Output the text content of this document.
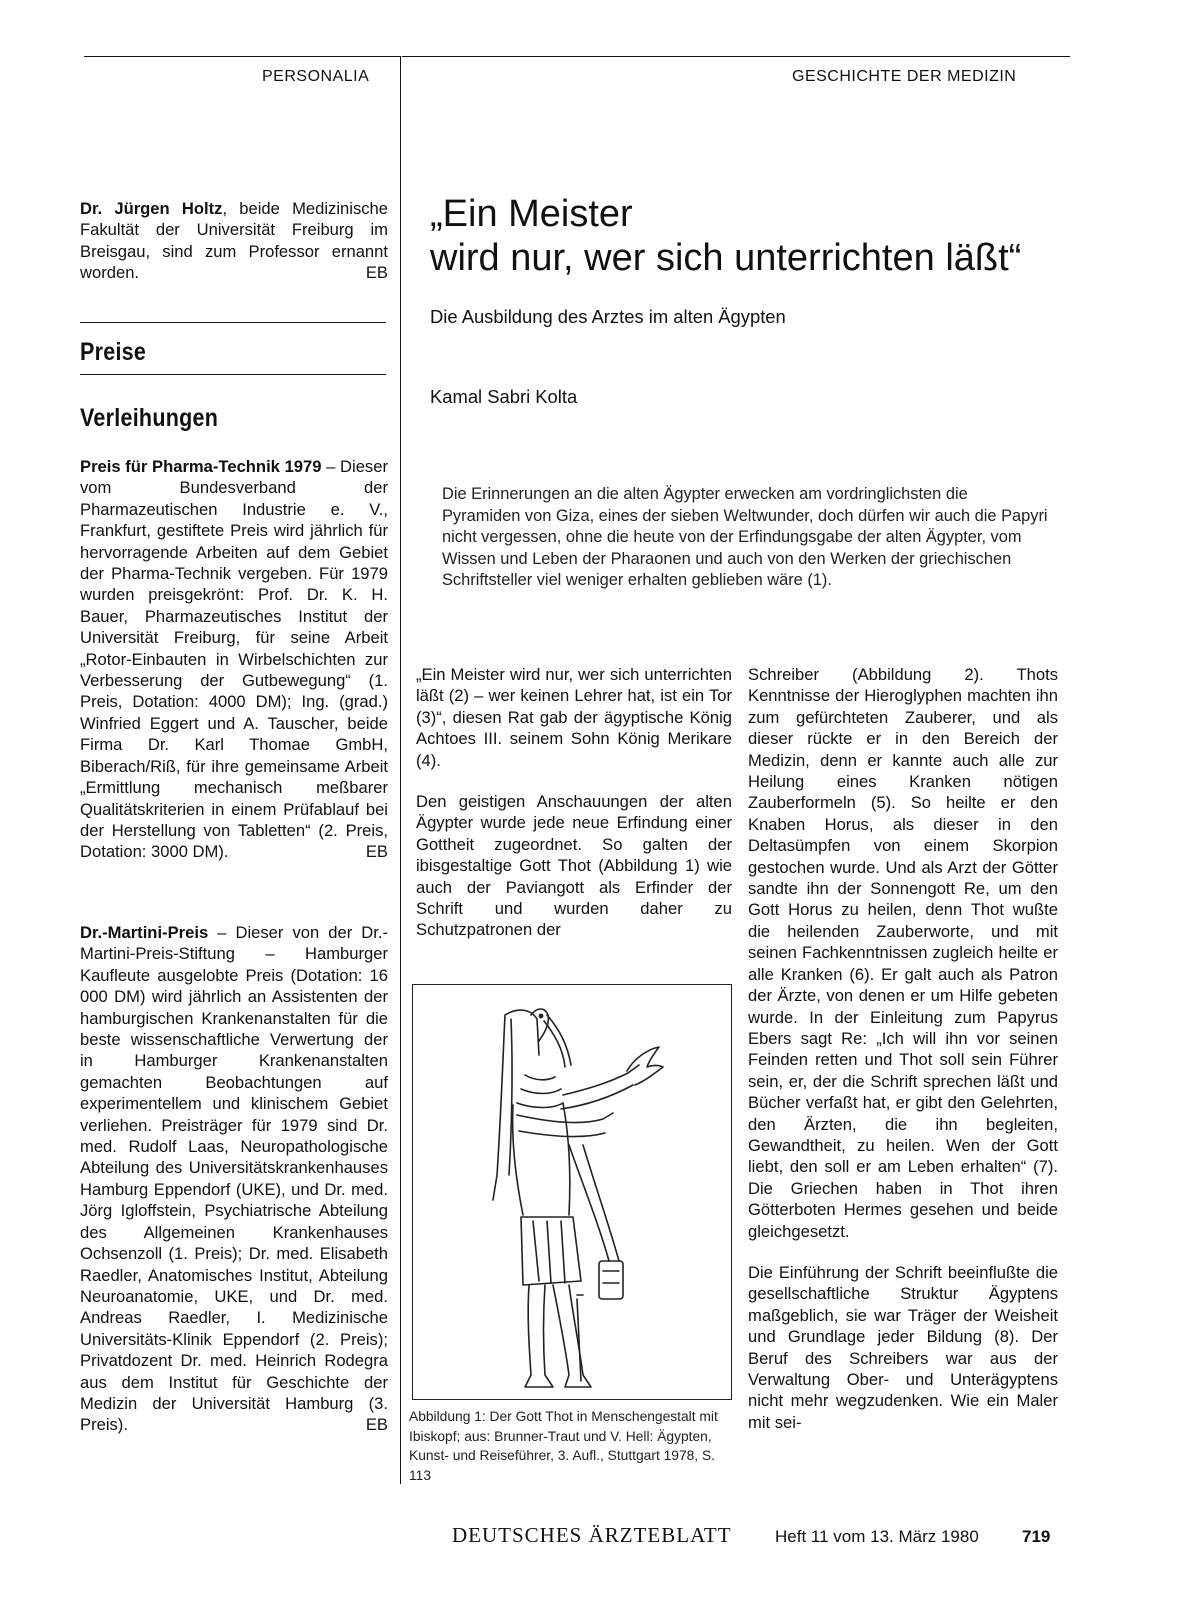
PERSONALIA	GESCHICHTE DER MEDIZIN

Dr. Jürgen Holtz, beide Medizinische Fakultät der Universität Freiburg im Breisgau, sind zum Professor ernannt worden.	EB

Preise
Verleihungen

Preis für Pharma-Technik 1979 – Dieser vom Bundesverband der Pharmazeutischen Industrie e. V., Frankfurt, gestiftete Preis wird jährlich für hervorragende Arbeiten auf dem Gebiet der Pharma-Technik vergeben. Für 1979 wurden preisgekrönt: Prof. Dr. K. H. Bauer, Pharmazeutisches Institut der Universität Freiburg, für seine Arbeit „Rotor-Einbauten in Wirbelschichten zur Verbesserung der Gutbewegung“ (1. Preis, Dotation: 4000 DM); Ing. (grad.) Winfried Eggert und A. Tauscher, beide Firma Dr. Karl Thomae GmbH, Biberach/Riß, für ihre gemeinsame Arbeit „Ermittlung mechanisch meßbarer Qualitätskriterien in einem Prüfablauf bei der Herstellung von Tabletten“ (2. Preis, Dotation: 3000 DM).	EB

Dr.-Martini-Preis – Dieser von der Dr.-Martini-Preis-Stiftung – Hamburger Kaufleute ausgelobte Preis (Dotation: 16 000 DM) wird jährlich an Assistenten der hamburgischen Krankenanstalten für die beste wissenschaftliche Verwertung der in Hamburger Krankenanstalten gemachten Beobachtungen auf experimentellem und klinischem Gebiet verliehen. Preisträger für 1979 sind Dr. med. Rudolf Laas, Neuropathologische Abteilung des Universitätskrankenhauses Hamburg Eppendorf (UKE), und Dr. med. Jörg Igloffstein, Psychiatrische Abteilung des Allgemeinen Krankenhauses Ochsenzoll (1. Preis); Dr. med. Elisabeth Raedler, Anatomisches Institut, Abteilung Neuroanatomie, UKE, und Dr. med. Andreas Raedler, I. Medizinische Universitäts-Klinik Eppendorf (2. Preis); Privatdozent Dr. med. Heinrich Rodegra aus dem Institut für Geschichte der Medizin der Universität Hamburg (3. Preis).	EB

„Ein Meister
wird nur, wer sich unterrichten läßt“
Die Ausbildung des Arztes im alten Ägypten
Kamal Sabri Kolta
Die Erinnerungen an die alten Ägypter erwecken am vordringlichsten die Pyramiden von Giza, eines der sieben Weltwunder, doch dürfen wir auch die Papyri nicht vergessen, ohne die heute von der Erfindungsgabe der alten Ägypter, vom Wissen und Leben der Pharaonen und auch von den Werken der griechischen Schriftsteller viel weniger erhalten geblieben wäre (1).

„Ein Meister wird nur, wer sich unterrichten läßt (2) – wer keinen Lehrer hat, ist ein Tor (3)“, diesen Rat gab der ägyptische König Achtoes III. seinem Sohn König Merikare (4).

Den geistigen Anschauungen der alten Ägypter wurde jede neue Erfindung einer Gottheit zugeordnet. So galten der ibisgestaltige Gott Thot (Abbildung 1) wie auch der Paviangott als Erfinder der Schrift und wurden daher zu Schutzpatronen der

Schreiber (Abbildung 2). Thots Kenntnisse der Hieroglyphen machten ihn zum gefürchteten Zauberer, und als dieser rückte er in den Bereich der Medizin, denn er kannte auch alle zur Heilung eines Kranken nötigen Zauberformeln (5). So heilte er den Knaben Horus, als dieser in den Deltasümpfen von einem Skorpion gestochen wurde. Und als Arzt der Götter sandte ihn der Sonnengott Re, um den Gott Horus zu heilen, denn Thot wußte die heilenden Zauberworte, und mit seinen Fachkenntnissen zugleich heilte er alle Kranken (6). Er galt auch als Patron der Ärzte, von denen er um Hilfe gebeten wurde. In der Einleitung zum Papyrus Ebers sagt Re: „Ich will ihn vor seinen Feinden retten und Thot soll sein Führer sein, er, der die Schrift sprechen läßt und Bücher verfaßt hat, er gibt den Gelehrten, den Ärzten, die ihn begleiten, Gewandtheit, zu heilen. Wen der Gott liebt, den soll er am Leben erhalten“ (7). Die Griechen haben in Thot ihren Götterboten Hermes gesehen und beide gleichgesetzt.

Die Einführung der Schrift beeinflußte die gesellschaftliche Struktur Ägyptens maßgeblich, sie war Träger der Weisheit und Grundlage jeder Bildung (8). Der Beruf des Schreibers war aus der Verwaltung Ober- und Unterägyptens nicht mehr wegzudenken. Wie ein Maler mit sei-

Abbildung 1: Der Gott Thot in Menschengestalt mit Ibiskopf; aus: Brunner-Traut und V. Hell: Ägypten, Kunst- und Reiseführer, 3. Aufl., Stuttgart 1978, S. 113
DEUTSCHES ÄRZTEBLATT	Heft 11 vom 13. März 1980	719
